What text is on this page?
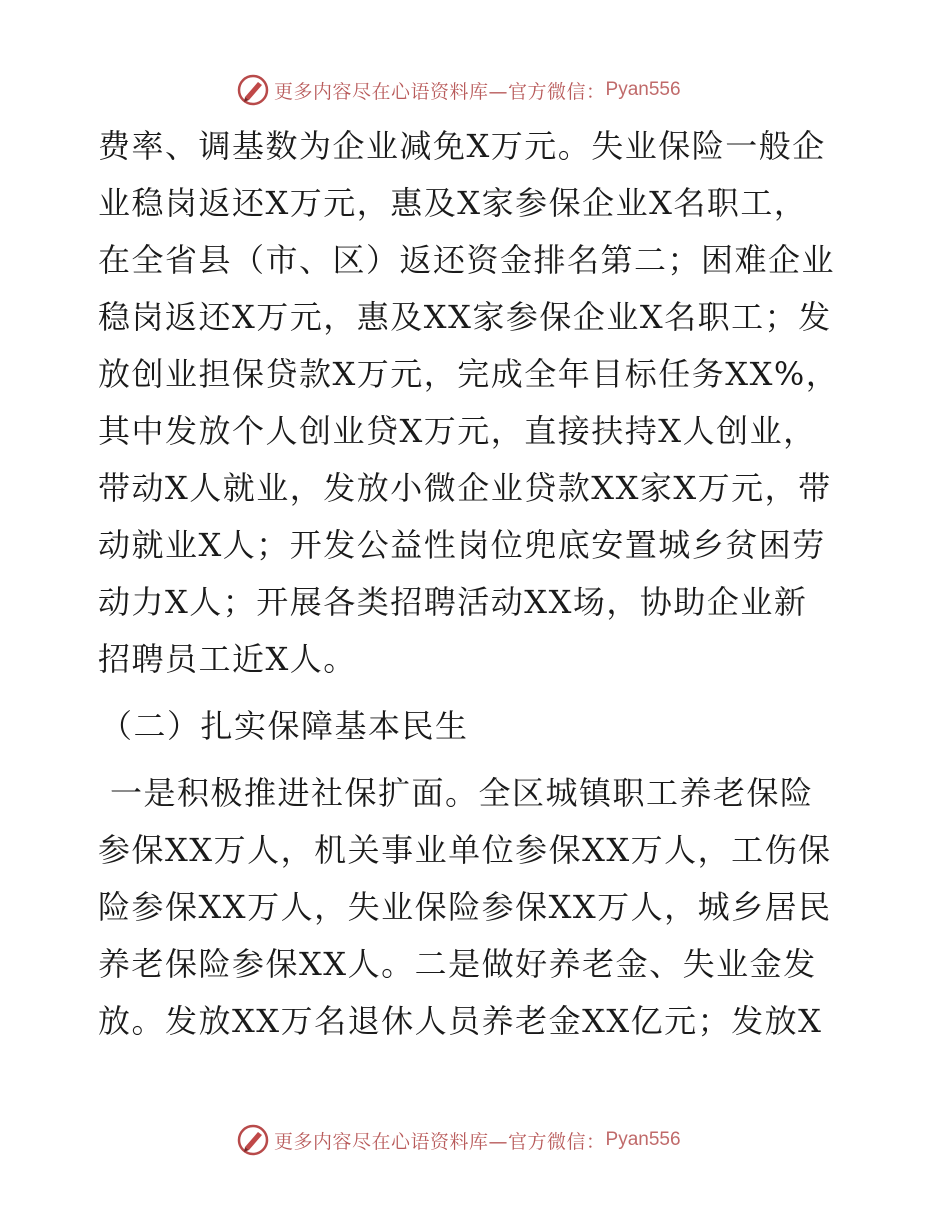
更多内容尽在心语资料库—官方微信： Pyan556
费率、调基数为企业减免X万元。失业保险一般企
业稳岗返还X万元，惠及X家参保企业X名职工，
在全省县（市、区）返还资金排名第二；困难企业
稳岗返还X万元，惠及XX家参保企业X名职工；发
放创业担保贷款X万元，完成全年目标任务XX%，
其中发放个人创业贷X万元，直接扶持X人创业，
带动X人就业，发放小微企业贷款XX家X万元，带
动就业X人；开发公益性岗位兜底安置城乡贫困劳
动力X人；开展各类招聘活动XX场，协助企业新
招聘员工近X人。
（二）扎实保障基本民生
一是积极推进社保扩面。全区城镇职工养老保险
参保XX万人，机关事业单位参保XX万人，工伤保
险参保XX万人，失业保险参保XX万人，城乡居民
养老保险参保XX人。二是做好养老金、失业金发
放。发放XX万名退休人员养老金XX亿元；发放X
更多内容尽在心语资料库—官方微信： Pyan556
